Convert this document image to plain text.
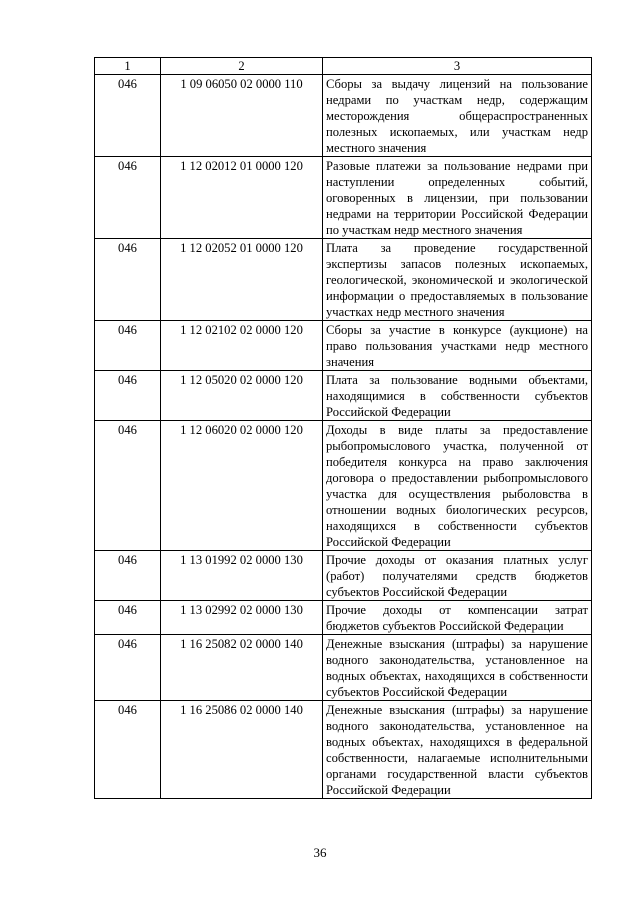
1	2	3
046	1 09 06050 02 0000 110	Сборы за выдачу лицензий на пользование недрами по участкам недр, содержащим месторождения общераспространенных полезных ископаемых, или участкам недр местного значения
046	1 12 02012 01 0000 120	Разовые платежи за пользование недрами при наступлении определенных событий, оговоренных в лицензии, при пользовании недрами на территории Российской Федерации по участкам недр местного значения
046	1 12 02052 01 0000 120	Плата за проведение государственной экспертизы запасов полезных ископаемых, геологической, экономической и экологической информации о предоставляемых в пользование участках недр местного значения
046	1 12 02102 02 0000 120	Сборы за участие в конкурсе (аукционе) на право пользования участками недр местного значения
046	1 12 05020 02 0000 120	Плата за пользование водными объектами, находящимися в собственности субъектов Российской Федерации
046	1 12 06020 02 0000 120	Доходы в виде платы за предоставление рыбопромыслового участка, полученной от победителя конкурса на право заключения договора о предоставлении рыбопромыслового участка для осуществления рыболовства в отношении водных биологических ресурсов, находящихся в собственности субъектов Российской Федерации
046	1 13 01992 02 0000 130	Прочие доходы от оказания платных услуг (работ) получателями средств бюджетов субъектов Российской Федерации
046	1 13 02992 02 0000 130	Прочие доходы от компенсации затрат бюджетов субъектов Российской Федерации
046	1 16 25082 02 0000 140	Денежные взыскания (штрафы) за нарушение водного законодательства, установленное на водных объектах, находящихся в собственности субъектов Российской Федерации
046	1 16 25086 02 0000 140	Денежные взыскания (штрафы) за нарушение водного законодательства, установленное на водных объектах, находящихся в федеральной собственности, налагаемые исполнительными органами государственной власти субъектов Российской Федерации
36
